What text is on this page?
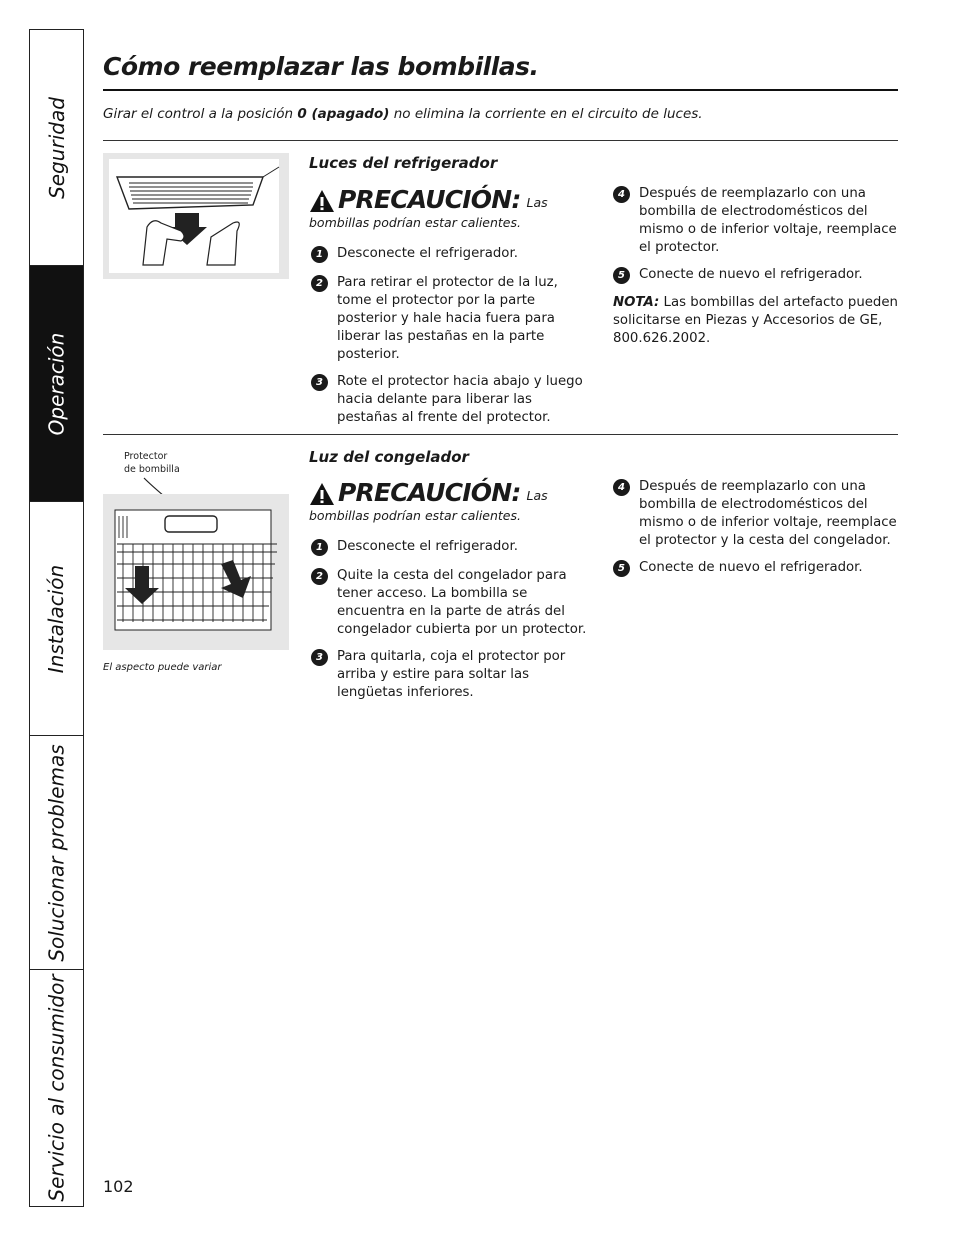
Seguridad
Operación
Instalación
Solucionar problemas
Servicio al consumidor
Cómo reemplazar las bombillas.

Girar el control a la posición 0 (apagado) no elimina la corriente en el circuito de luces.

Luces del refrigerador
PRECAUCIÓN: Las
bombillas podrían estar calientes.
1	Desconecte el refrigerador.
2	Para retirar el protector de la luz, tome el protector por la parte posterior y hale hacia fuera para liberar las pestañas en la parte posterior.
3	Rote el protector hacia abajo y luego hacia delante para liberar las pestañas al frente del protector.
4	Después de reemplazarlo con una bombilla de electrodomésticos del mismo o de inferior voltaje, reemplace el protector.
5	Conecte de nuevo el refrigerador.

NOTA: Las bombillas del artefacto pueden solicitarse en Piezas y Accesorios de GE, 800.626.2002.

Protector
de bombilla

El aspecto puede variar

Luz del congelador
PRECAUCIÓN: Las
bombillas podrían estar calientes.
1	Desconecte el refrigerador.
2	Quite la cesta del congelador para tener acceso. La bombilla se encuentra en la parte de atrás del congelador cubierta por un protector.
3	Para quitarla, coja el protector por arriba y estire para soltar las lengüetas inferiores.
4	Después de reemplazarlo con una bombilla de electrodomésticos del mismo o de inferior voltaje, reemplace el protector y la cesta del congelador.
5	Conecte de nuevo el refrigerador.
102
